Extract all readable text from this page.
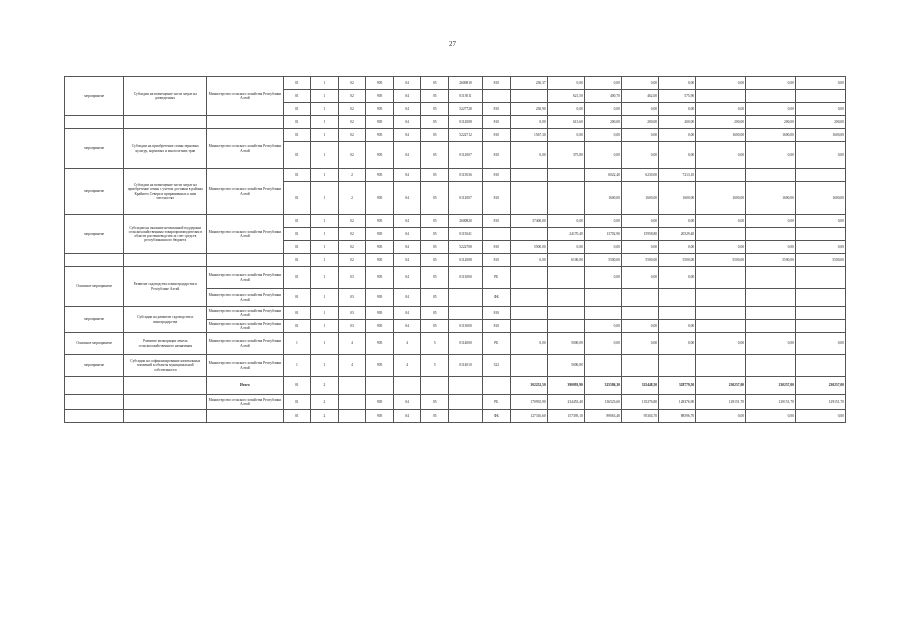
27
мероприятие	Субсидии на возмещение части затрат на разведочных	Министерство сельского хозяйства Республики Алтай	01	1	02	905	04	05	2600810	810	230,37	0,00	0,00	0,00	0,00	0,00	0,00	0,00
			01	1	02	905	04	05	0115011			621,50	400,70	462,00	575,90			
			01	1	02	905	04	05	5227728	810	230,90	0,00	0,00	0,00	0,00	0,00	0,00	0,00
			01	1	02	905	04	05	0112008	810	0,00	613,60	200,00	200,00	200,00	200,00	200,00	200,00
мероприятие	Субсидии на приобретение семян зерновых культур, кормовых и многолетних трав	Министерство сельского хозяйства Республики Алтай	01	1	02	905	04	05	5222712	810	1567,30	0,00	0,00	0,00	0,00	1600,00	1600,00	1600,00
			01	1	02	905	04	05	0112007	810	0,00	375,80	0,00	0,00	0,00	0,00	0,00	0,00
мероприятие	Субсидии на возмещение части затрат на приобретение семян с учетом доставки в районы Крайнего Севера и приравненных к ним местностях	Министерство сельского хозяйства Республики Алтай	01	1	2	905	04	05	0115036	810			6022,40	6230,00	7213,10			
			01	1	2	905	04	05	0112007	810			1600,00	1600,00	1600,00	1600,00	1600,00	1600,00
мероприятие	Субсидии на оказание несвязанной поддержки сельскохозяйственным товаропроизводителям в области растениеводства за счет средств республиканского бюджета	Министерство сельского хозяйства Республики Алтай	01	1	02	905	04	05	2600820	810	37400,00	0,00	0,00	0,00	0,00	0,00	0,00	0,00
			01	1	02	905	04	05	0115041			24170,40	13702,90	15958,80	20529,40			
			01	1	02	905	04	05	5222708	810	5500,00	0,00	0,00	0,00	0,00	0,00	0,00	0,00
			01	1	02	905	04	05	0112008	810	0,00	6100,00	5500,00	5500,00	5500,00	5500,00	5500,00	5500,00
Основное мероприятие	Развитие садоводства и виноградарства в Республике Алтай	Министерство сельского хозяйства Республики Алтай	01	1	03	905	04	05	0113000	РБ			0,00	0,00	0,00			
		Министерство сельского хозяйства Республики Алтай	01	1	03	905	04	05		ФБ								
мероприятие	Субсидии на развитие садоводства и виноградарства	Министерство сельского хозяйства Республики Алтай	01	1	03	905	04	05		810								
		Министерство сельского хозяйства Республики Алтай	01	1	03	905	04	05	0113000	810			0,00	0,00	0,00			
Основное мероприятие	Развитие мелиорации земель сельскохозяйственного назначения	Министерство сельского хозяйства Республики Алтай	1	1	4	905	4	5	0114000	РБ	0,00	5000,00	0,00	0,00	0,00	0,00	0,00	0,00
мероприятие	Субсидии на софинансирование капитальных вложений в объекты муниципальной собственности	Министерство сельского хозяйства Республики Алтай	1	1	4	905	4	5	0114010	522		5000,00						
		Итого	01	2							302252,50	390093,90	325586,30	325448,50	328779,50	230257,00	230257,00	230257,00
		Министерство сельского хозяйства Республики Алтай	01	2		905	04	05		РБ	170935,90	234453,40	136523,60	135276,80	128376,90	129151,70	129151,70	129151,70
			01	2		905	04	05		ФБ	127316,60	157395,10	89063,40	95304,70	88596,70	0,00	0,00	0,00
